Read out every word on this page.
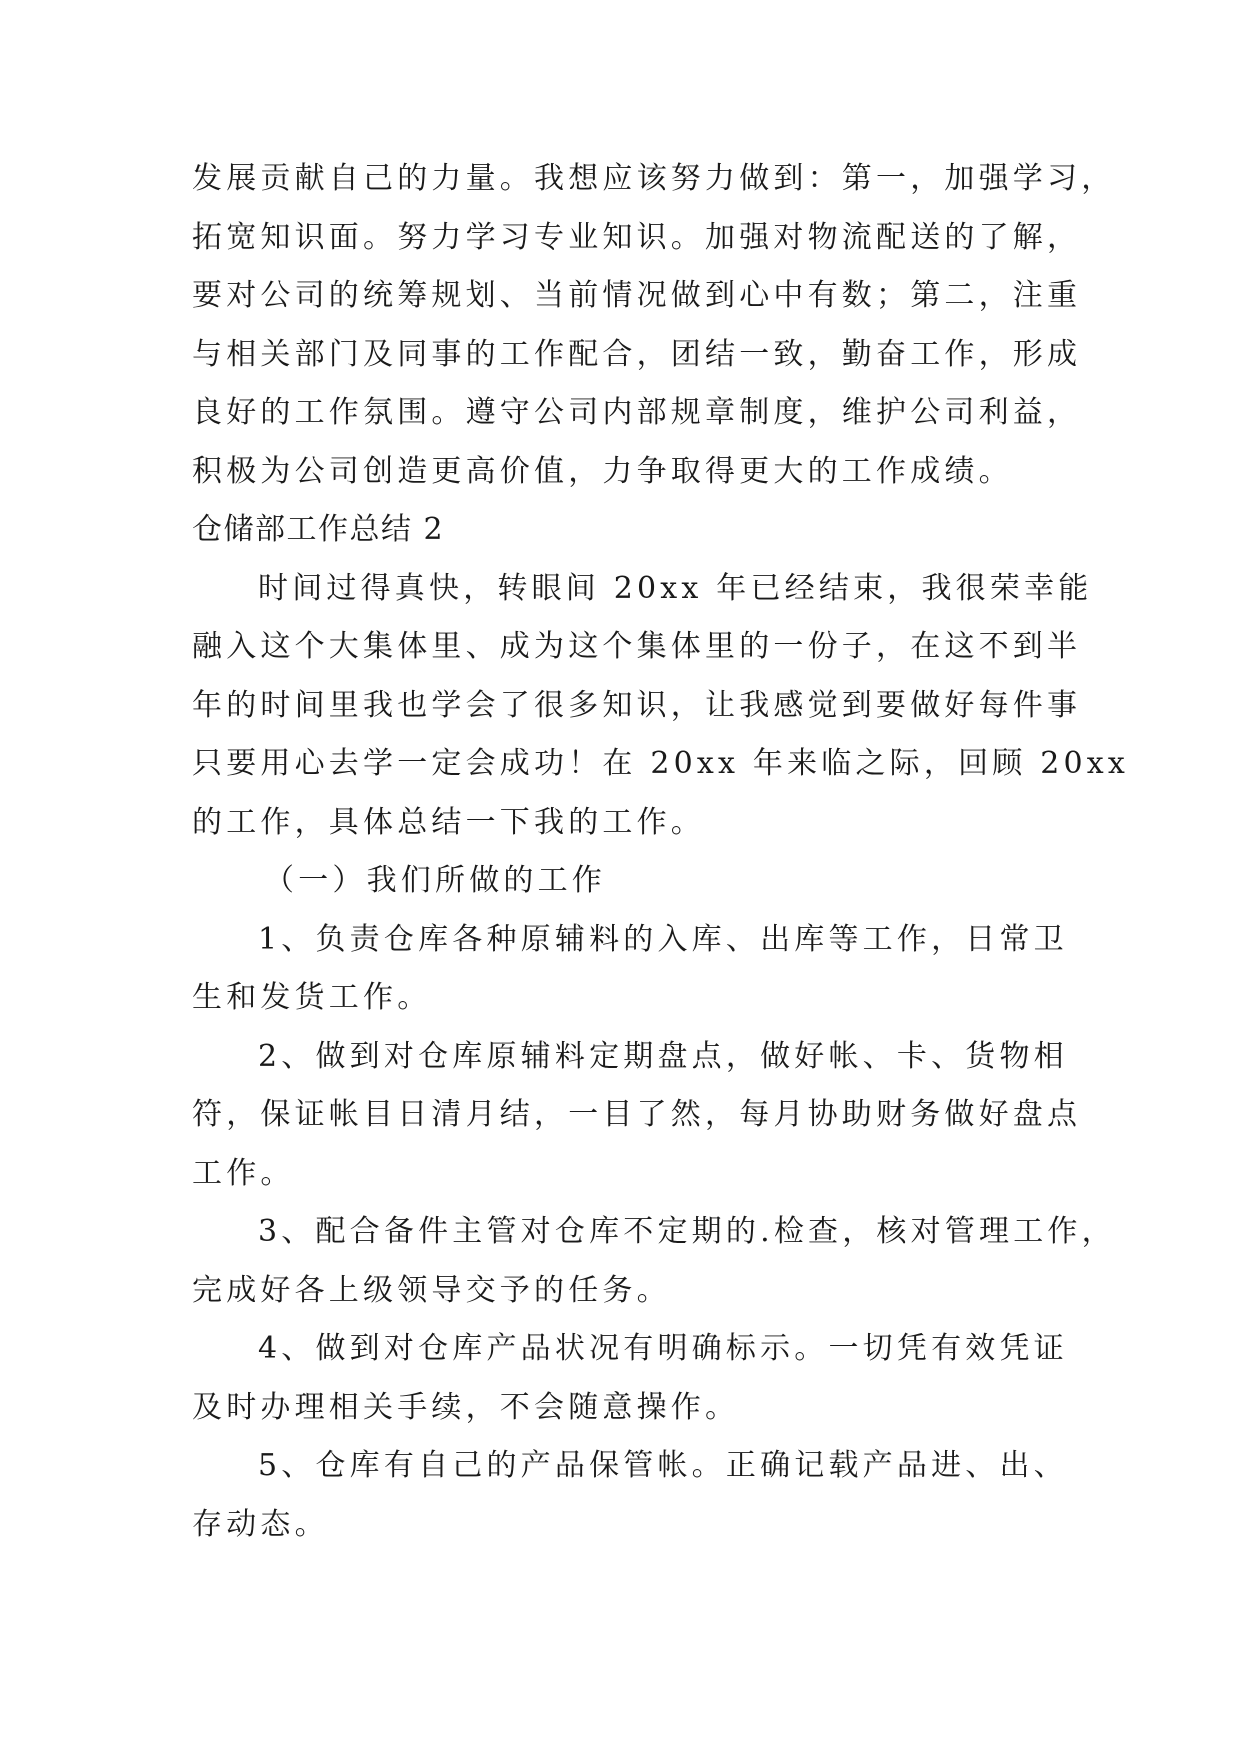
发展贡献自己的力量。我想应该努力做到：第一，加强学习，
拓宽知识面。努力学习专业知识。加强对物流配送的了解，
要对公司的统筹规划、当前情况做到心中有数；第二，注重
与相关部门及同事的工作配合，团结一致，勤奋工作，形成
良好的工作氛围。遵守公司内部规章制度，维护公司利益，
积极为公司创造更高价值，力争取得更大的工作成绩。
仓储部工作总结 2
时间过得真快，转眼间 20xx 年已经结束，我很荣幸能
融入这个大集体里、成为这个集体里的一份子，在这不到半
年的时间里我也学会了很多知识，让我感觉到要做好每件事
只要用心去学一定会成功！在 20xx 年来临之际，回顾 20xx
的工作，具体总结一下我的工作。
（一）我们所做的工作
1、负责仓库各种原辅料的入库、出库等工作，日常卫
生和发货工作。
2、做到对仓库原辅料定期盘点，做好帐、卡、货物相
符，保证帐目日清月结，一目了然，每月协助财务做好盘点
工作。
3、配合备件主管对仓库不定期的.检查，核对管理工作，
完成好各上级领导交予的任务。
4、做到对仓库产品状况有明确标示。一切凭有效凭证
及时办理相关手续，不会随意操作。
5、仓库有自己的产品保管帐。正确记载产品进、出、
存动态。
